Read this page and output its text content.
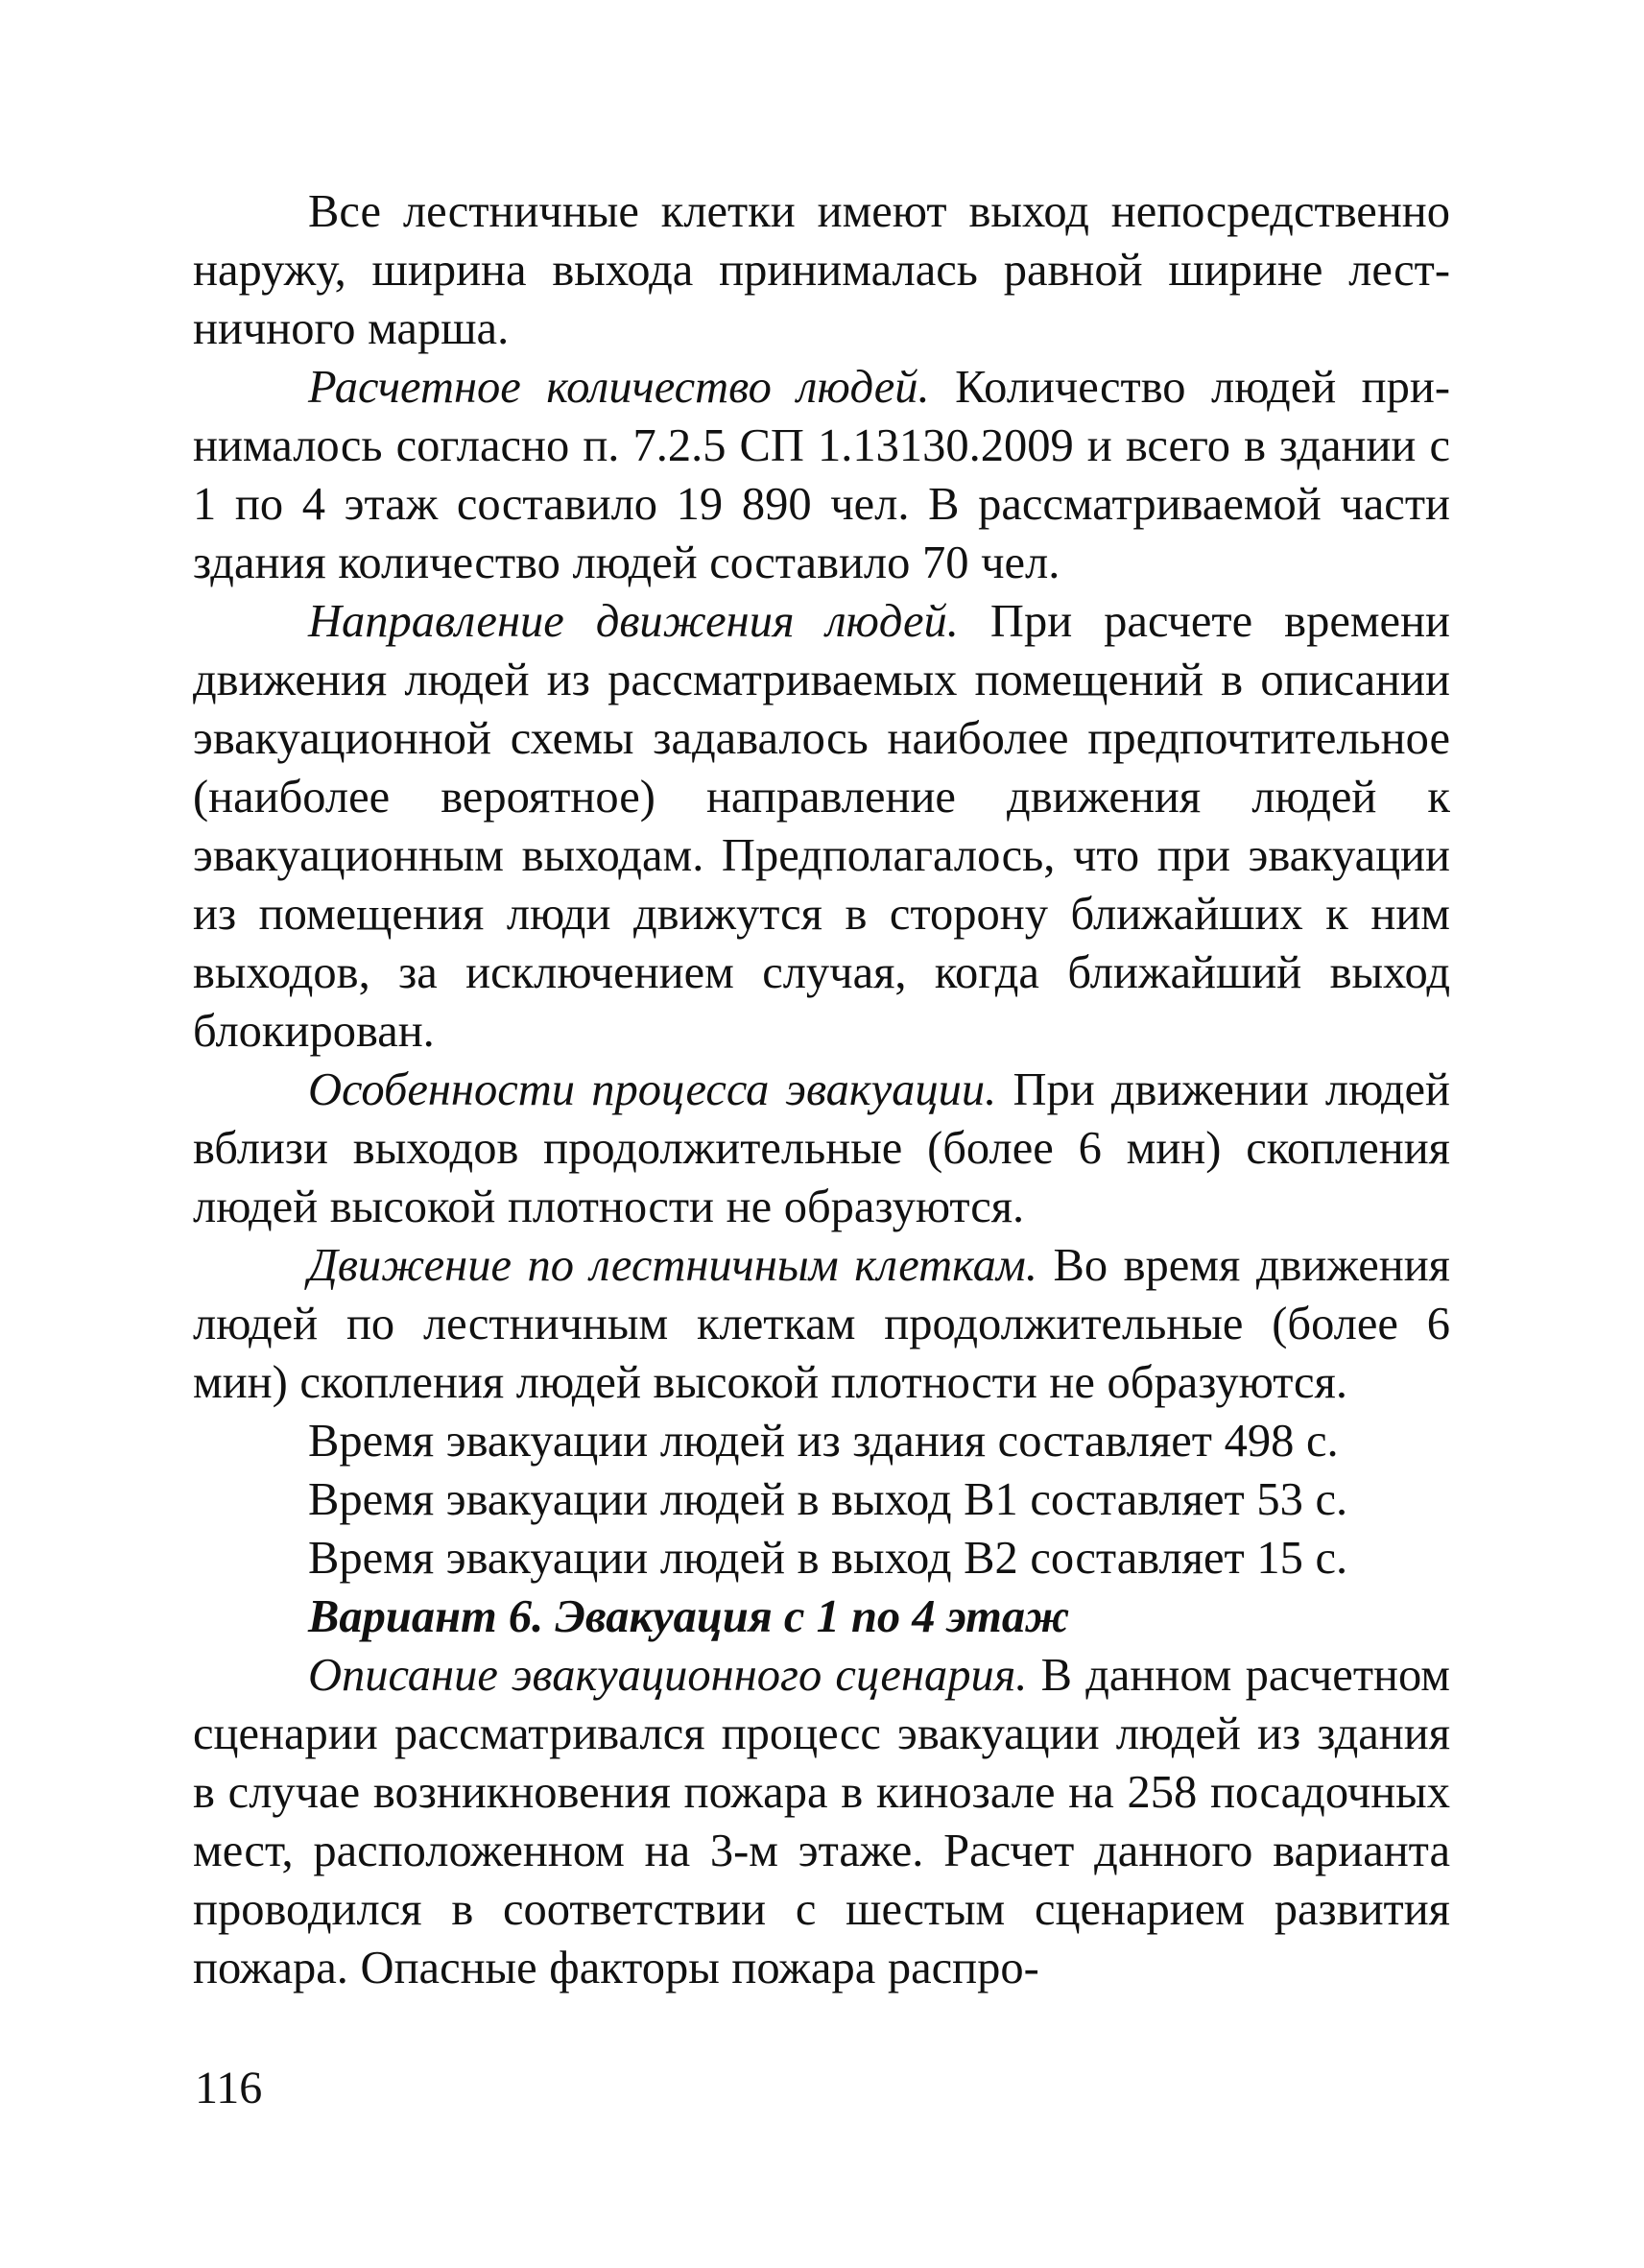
Все лестничные клетки имеют выход непосредственно наружу, ширина выхода принималась равной ширине лестничного марша.

Расчетное количество людей. Количество людей принималось согласно п. 7.2.5 СП 1.13130.2009 и всего в здании с 1 по 4 этаж составило 19 890 чел. В рассматриваемой части здания количество людей составило 70 чел.

Направление движения людей. При расчете времени движения людей из рассматриваемых помещений в описании эвакуационной схемы задавалось наиболее предпочтительное (наиболее вероятное) направление движения людей к эвакуационным выходам. Предполагалось, что при эвакуации из помещения люди движутся в сторону ближайших к ним выходов, за исключением случая, когда ближайший выход блокирован.

Особенности процесса эвакуации. При движении людей вблизи выходов продолжительные (более 6 мин) скопления людей высокой плотности не образуются.

Движение по лестничным клеткам. Во время движения людей по лестничным клеткам продолжительные (более 6 мин) скопления людей высокой плотности не образуются.

Время эвакуации людей из здания составляет 498 с.

Время эвакуации людей в выход В1 составляет 53 с.

Время эвакуации людей в выход В2 составляет 15 с.

Вариант 6. Эвакуация с 1 по 4 этаж

Описание эвакуационного сценария. В данном расчетном сценарии рассматривался процесс эвакуации людей из здания в случае возникновения пожара в кинозале на 258 посадочных мест, расположенном на 3-м этаже. Расчет данного варианта проводился в соответствии с шестым сценарием развития пожара. Опасные факторы пожара распро-

116
